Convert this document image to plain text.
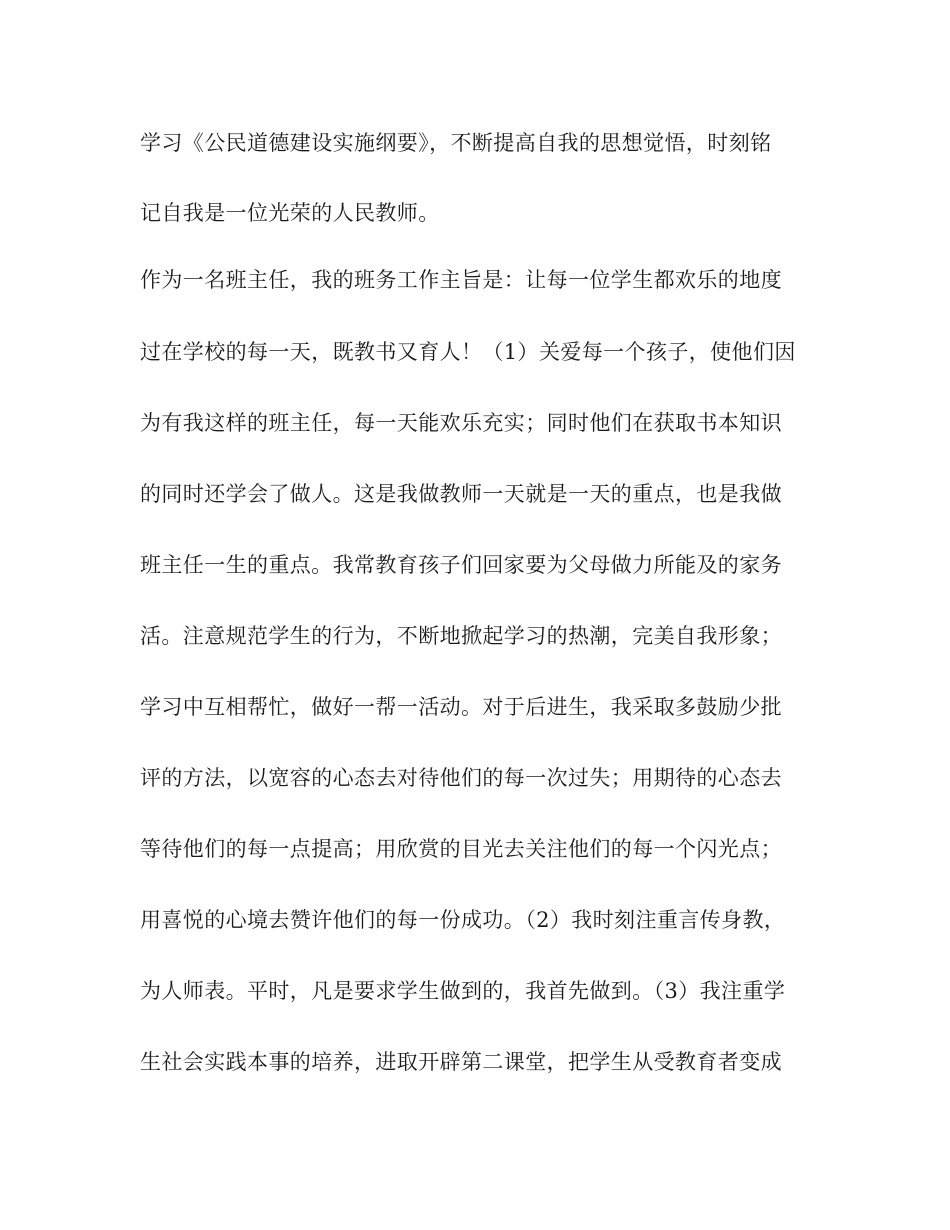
学习《公民道德建设实施纲要》，不断提高自我的思想觉悟，时刻铭

记自我是一位光荣的人民教师。

作为一名班主任，我的班务工作主旨是：让每一位学生都欢乐的地度

过在学校的每一天，既教书又育人！（1）关爱每一个孩子，使他们因

为有我这样的班主任，每一天能欢乐充实；同时他们在获取书本知识

的同时还学会了做人。这是我做教师一天就是一天的重点，也是我做

班主任一生的重点。我常教育孩子们回家要为父母做力所能及的家务

活。注意规范学生的行为，不断地掀起学习的热潮，完美自我形象；

学习中互相帮忙，做好一帮一活动。对于后进生，我采取多鼓励少批

评的方法，以宽容的心态去对待他们的每一次过失；用期待的心态去

等待他们的每一点提高；用欣赏的目光去关注他们的每一个闪光点；

用喜悦的心境去赞许他们的每一份成功。（2）我时刻注重言传身教，

为人师表。平时，凡是要求学生做到的，我首先做到。（3）我注重学

生社会实践本事的培养，进取开辟第二课堂，把学生从受教育者变成
